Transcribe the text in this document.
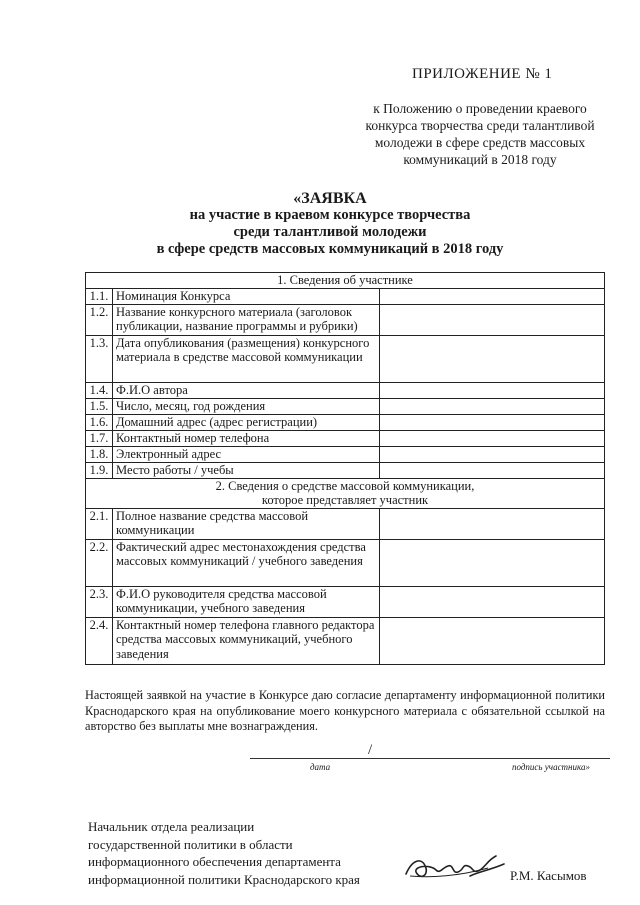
ПРИЛОЖЕНИЕ № 1
к Положению о проведении краевого
конкурса творчества среди талантливой
молодежи в сфере средств массовых
коммуникаций в 2018 году
«ЗАЯВКА
на участие в краевом конкурсе творчества
среди талантливой молодежи
в сфере средств массовых коммуникаций в 2018 году
1. Сведения об участнике		
1.1.	Номинация Конкурса	
1.2.	Название конкурсного материала (заголовок публикации, название программы и рубрики)	
1.3.	Дата опубликования (размещения) конкурсного материала в средстве массовой коммуникации	
1.4.	Ф.И.О автора	
1.5.	Число, месяц, год рождения	
1.6.	Домашний адрес (адрес регистрации)	
1.7.	Контактный номер телефона	
1.8.	Электронный адрес	
1.9.	Место работы / учебы	

2. Сведения о средстве массовой коммуникации,
которое представляет участник		

2.1.	Полное название средства массовой коммуникации	
2.2.	Фактический адрес местонахождения средства массовых коммуникаций / учебного заведения	
2.3.	Ф.И.О руководителя средства массовой коммуникации, учебного заведения	
2.4.	Контактный номер телефона главного редактора средства массовых коммуникаций, учебного заведения	
Настоящей заявкой на участие в Конкурсе даю согласие департаменту информационной политики Краснодарского края на опубликование моего конкурсного материала с обязательной ссылкой на авторство без выплаты мне вознаграждения.
/
дата	подпись участника»
Начальник отдела реализации
государственной политики в области
информационного обеспечения департамента
информационной политики Краснодарского края	Р.М. Касымов
